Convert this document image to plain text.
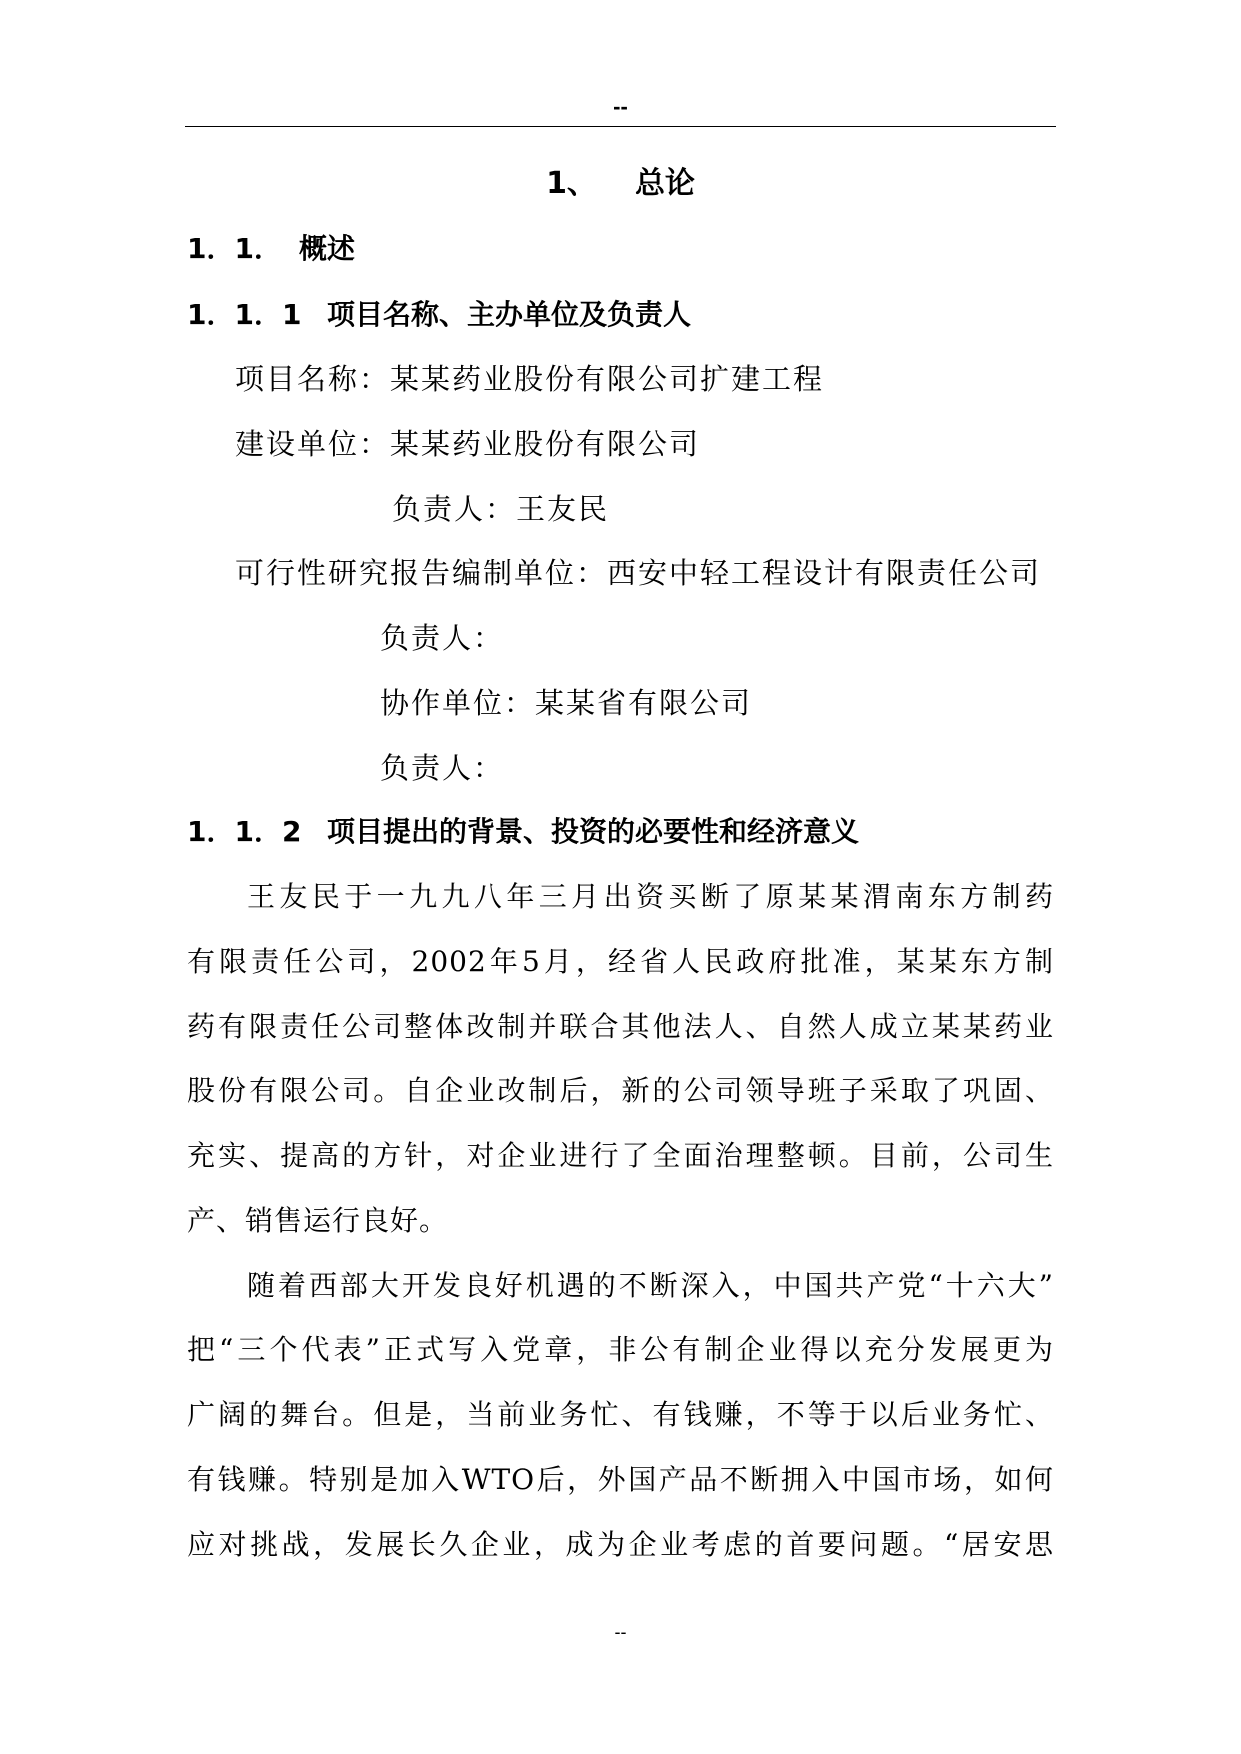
--
1、 总论
1．1． 概述
1．1．1 项目名称、主办单位及负责人
项目名称：某某药业股份有限公司扩建工程
建设单位：某某药业股份有限公司
负责人：王友民
可行性研究报告编制单位：西安中轻工程设计有限责任公司
负责人：
协作单位：某某省有限公司
负责人：
1．1．2 项目提出的背景、投资的必要性和经济意义
王友民于一九九八年三月出资买断了原某某渭南东方制药
有限责任公司，2002年5月，经省人民政府批准，某某东方制
药有限责任公司整体改制并联合其他法人、自然人成立某某药业
股份有限公司。自企业改制后，新的公司领导班子采取了巩固、
充实、提高的方针，对企业进行了全面治理整顿。目前，公司生
产、销售运行良好。
随着西部大开发良好机遇的不断深入，中国共产党“十六大”
把“三个代表”正式写入党章，非公有制企业得以充分发展更为
广阔的舞台。但是，当前业务忙、有钱赚，不等于以后业务忙、
有钱赚。特别是加入WTO后，外国产品不断拥入中国市场，如何
应对挑战，发展长久企业，成为企业考虑的首要问题。“居安思
--
